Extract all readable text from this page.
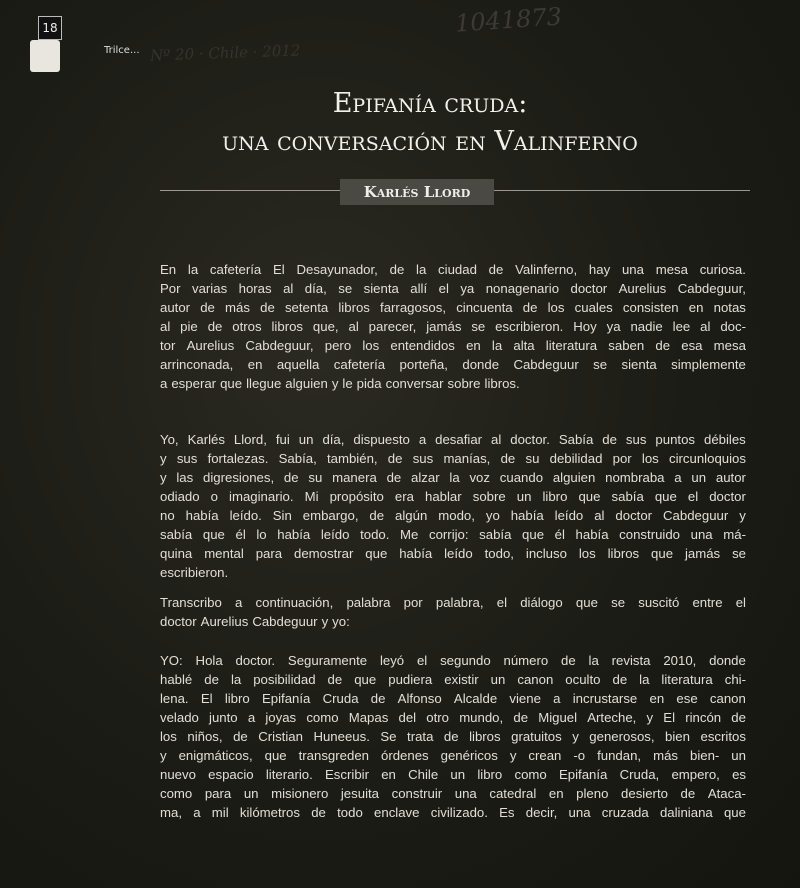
18
Trilce... Nº 20 · Chile · 2012
1041873
Epifanía cruda:
una conversación en Valinferno
Karlés Llord
En la cafetería El Desayunador, de la ciudad de Valinferno, hay una mesa curiosa.
Por varias horas al día, se sienta allí el ya nonagenario doctor Aurelius Cabdeguur,
autor de más de setenta libros farragosos, cincuenta de los cuales consisten en notas
al pie de otros libros que, al parecer, jamás se escribieron. Hoy ya nadie lee al doc-
tor Aurelius Cabdeguur, pero los entendidos en la alta literatura saben de esa mesa
arrinconada, en aquella cafetería porteña, donde Cabdeguur se sienta simplemente
a esperar que llegue alguien y le pida conversar sobre libros.
Yo, Karlés Llord, fui un día, dispuesto a desafiar al doctor. Sabía de sus puntos débiles
y sus fortalezas. Sabía, también, de sus manías, de su debilidad por los circunloquios
y las digresiones, de su manera de alzar la voz cuando alguien nombraba a un autor
odiado o imaginario. Mi propósito era hablar sobre un libro que sabía que el doctor
no había leído. Sin embargo, de algún modo, yo había leído al doctor Cabdeguur y
sabía que él lo había leído todo. Me corrijo: sabía que él había construido una má-
quina mental para demostrar que había leído todo, incluso los libros que jamás se
escribieron.
Transcribo a continuación, palabra por palabra, el diálogo que se suscitó entre el
doctor Aurelius Cabdeguur y yo:
YO: Hola doctor. Seguramente leyó el segundo número de la revista 2010, donde
hablé de la posibilidad de que pudiera existir un canon oculto de la literatura chi-
lena. El libro Epifanía Cruda de Alfonso Alcalde viene a incrustarse en ese canon
velado junto a joyas como Mapas del otro mundo, de Miguel Arteche, y El rincón de
los niños, de Cristian Huneeus. Se trata de libros gratuitos y generosos, bien escritos
y enigmáticos, que transgreden órdenes genéricos y crean -o fundan, más bien- un
nuevo espacio literario. Escribir en Chile un libro como Epifanía Cruda, empero, es
como para un misionero jesuita construir una catedral en pleno desierto de Ataca-
ma, a mil kilómetros de todo enclave civilizado. Es decir, una cruzada daliniana que
